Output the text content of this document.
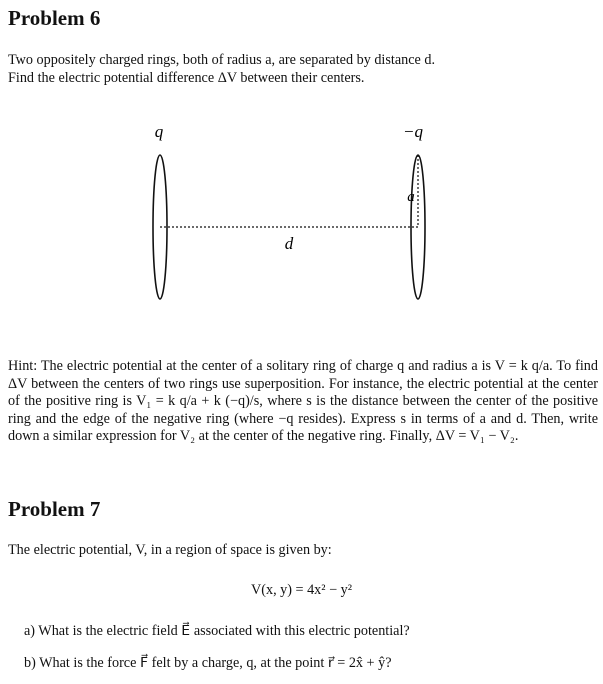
Problem 6

Two oppositely charged rings, both of radius a, are separated by distance d.
Find the electric potential difference ΔV between their centers.

q	−q
d
a

Hint: The electric potential at the center of a solitary ring of charge q and radius a is V = k q/a. To find ΔV between the centers of two rings use superposition. For instance, the electric potential at the center of the positive ring is V₁ = k q/a + k (−q)/s, where s is the distance between the center of the positive ring and the edge of the negative ring (where −q resides). Express s in terms of a and d. Then, write down a similar expression for V₂ at the center of the negative ring. Finally, ΔV = V₁ − V₂.

Problem 7

The electric potential, V, in a region of space is given by:

V(x, y) = 4x² − y²
a) What is the electric field E⃗ associated with this electric potential?
b) What is the force F⃗ felt by a charge, q, at the point r⃗ = 2x̂ + ŷ?
